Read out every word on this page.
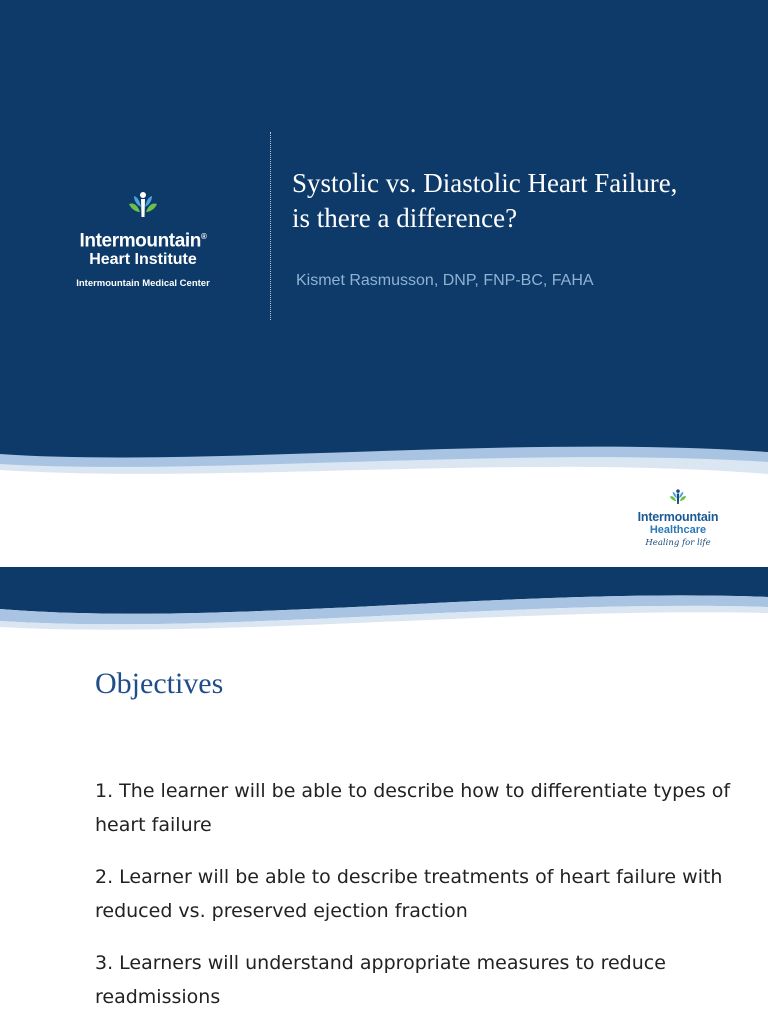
Intermountain®
Heart Institute
Intermountain Medical Center
Systolic vs. Diastolic Heart Failure,
is there a difference?
Kismet Rasmusson, DNP, FNP-BC, FAHA
Intermountain
Healthcare
Healing for life
Objectives
1. The learner will be able to describe how to differentiate types of heart failure
2. Learner will be able to describe treatments of heart failure with reduced vs. preserved ejection fraction
3. Learners will understand appropriate measures to reduce readmissions
